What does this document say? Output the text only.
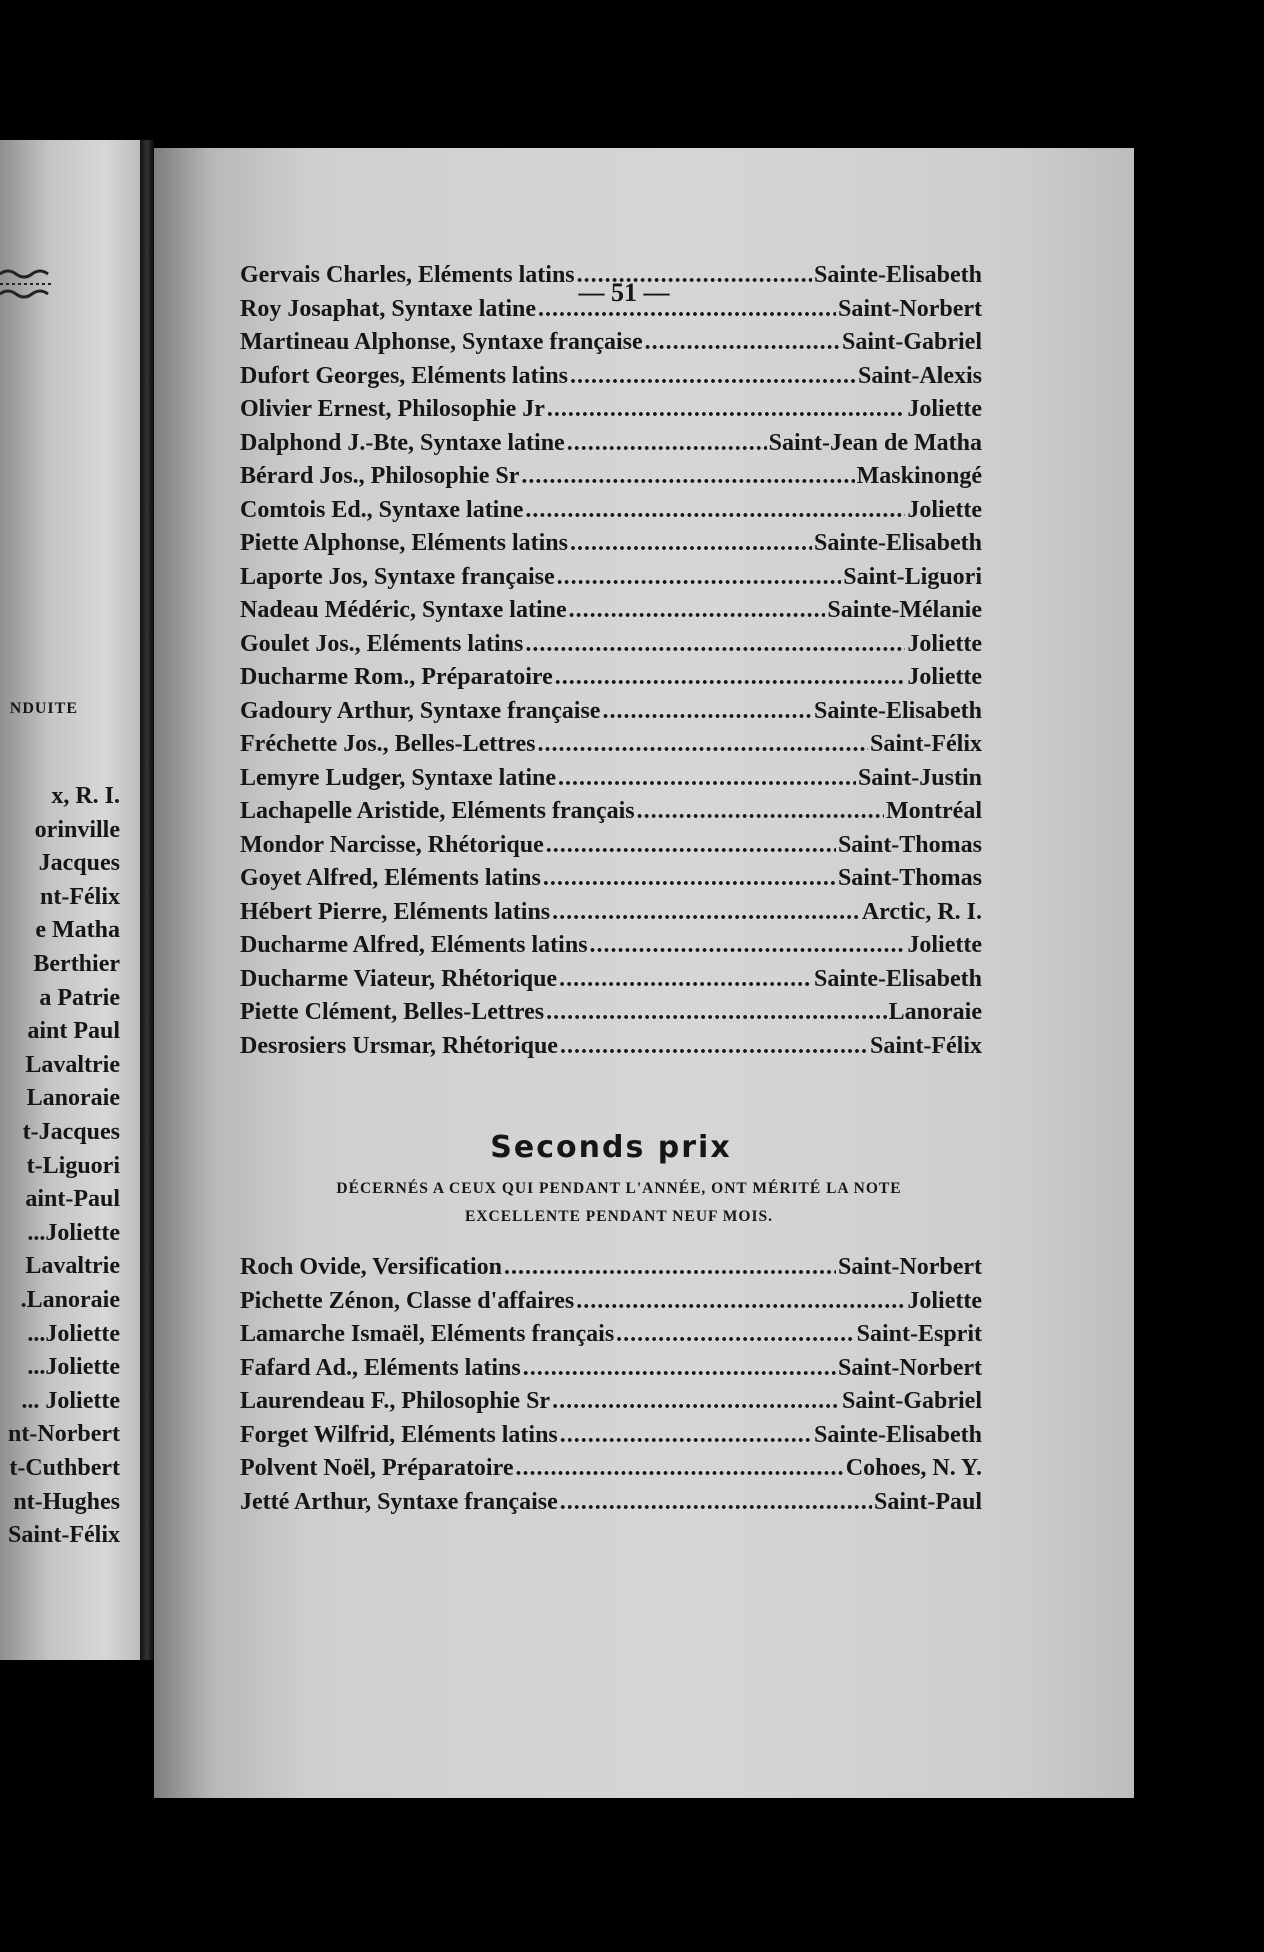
NDUITE
x, R. I.
orinville
Jacques
nt-Félix
e Matha
Berthier
a Patrie
aint Paul
Lavaltrie
Lanoraie
t-Jacques
t-Liguori
aint-Paul
...Joliette
Lavaltrie
.Lanoraie
...Joliette
...Joliette
... Joliette
nt-Norbert
t-Cuthbert
nt-Hughes
Saint-Félix
— 51 —
Gervais Charles, Eléments latins .....	Sainte-Elisabeth
Roy Josaphat, Syntaxe latine .....	Saint-Norbert
Martineau Alphonse, Syntaxe française .....	Saint-Gabriel
Dufort Georges, Eléments latins .....	Saint-Alexis
Olivier Ernest, Philosophie Jr .....	Joliette
Dalphond J.-Bte, Syntaxe latine .....	Saint-Jean de Matha
Bérard Jos., Philosophie Sr .....	Maskinongé
Comtois Ed., Syntaxe latine .....	Joliette
Piette Alphonse, Eléments latins .....	Sainte-Elisabeth
Laporte Jos, Syntaxe française .....	Saint-Liguori
Nadeau Médéric, Syntaxe latine .....	Sainte-Mélanie
Goulet Jos., Eléments latins .....	Joliette
Ducharme Rom., Préparatoire .....	Joliette
Gadoury Arthur, Syntaxe française .....	Sainte-Elisabeth
Fréchette Jos., Belles-Lettres .....	Saint-Félix
Lemyre Ludger, Syntaxe latine .....	Saint-Justin
Lachapelle Aristide, Eléments français .....	Montréal
Mondor Narcisse, Rhétorique .....	Saint-Thomas
Goyet Alfred, Eléments latins .....	Saint-Thomas
Hébert Pierre, Eléments latins .....	Arctic, R. I.
Ducharme Alfred, Eléments latins .....	Joliette
Ducharme Viateur, Rhétorique .....	Sainte-Elisabeth
Piette Clément, Belles-Lettres .....	Lanoraie
Desrosiers Ursmar, Rhétorique .....	Saint-Félix
Seconds prix
DÉCERNÉS A CEUX QUI PENDANT L'ANNÉE, ONT MÉRITÉ LA NOTE
EXCELLENTE PENDANT NEUF MOIS.
Roch Ovide, Versification .....	Saint-Norbert
Pichette Zénon, Classe d'affaires .....	Joliette
Lamarche Ismaël, Eléments français .....	Saint-Esprit
Fafard Ad., Eléments latins .....	Saint-Norbert
Laurendeau F., Philosophie Sr .....	Saint-Gabriel
Forget Wilfrid, Eléments latins .....	Sainte-Elisabeth
Polvent Noël, Préparatoire .....	Cohoes, N. Y.
Jetté Arthur, Syntaxe française .....	Saint-Paul
